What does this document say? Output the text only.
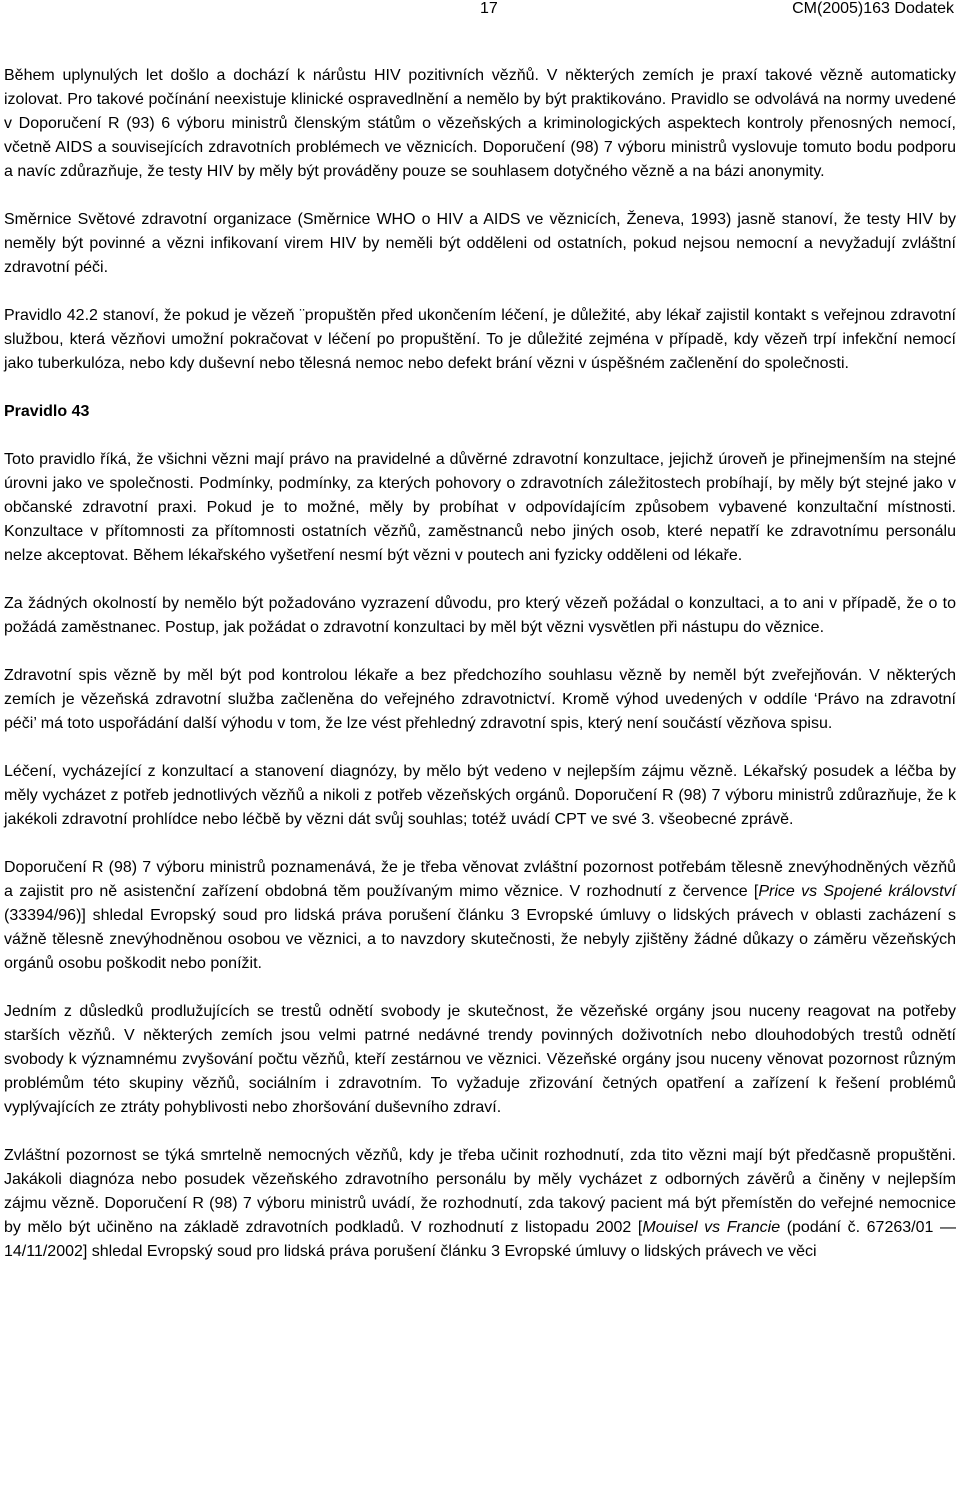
17	CM(2005)163 Dodatek

Během uplynulých let došlo a dochází k nárůstu HIV pozitivních vězňů. V některých zemích je praxí takové vězně automaticky izolovat. Pro takové počínání neexistuje klinické ospravedlnění a nemělo by být praktikováno. Pravidlo se odvolává na normy uvedené v Doporučení R (93) 6 výboru ministrů členským státům o vězeňských a kriminologických aspektech kontroly přenosných nemocí, včetně AIDS a souvisejících zdravotních problémech ve věznicích. Doporučení (98) 7 výboru ministrů vyslovuje tomuto bodu podporu a navíc zdůrazňuje, že testy HIV by měly být prováděny pouze se souhlasem dotyčného vězně a na bázi anonymity.

Směrnice Světové zdravotní organizace (Směrnice WHO o HIV a AIDS ve věznicích, Ženeva, 1993) jasně stanoví, že testy HIV by neměly být povinné a vězni infikovaní virem HIV by neměli být odděleni od ostatních, pokud nejsou nemocní a nevyžadují zvláštní zdravotní péči.

Pravidlo 42.2 stanoví, že pokud je vězeň ¨propuštěn před ukončením léčení, je důležité, aby lékař zajistil kontakt s veřejnou zdravotní službou, která vězňovi umožní pokračovat v léčení po propuštění. To je důležité zejména v případě, kdy vězeň trpí infekční nemocí jako tuberkulóza, nebo kdy duševní nebo tělesná nemoc nebo defekt brání vězni v úspěšném začlenění do společnosti.

Pravidlo 43

Toto pravidlo říká, že všichni vězni mají právo na pravidelné a důvěrné zdravotní konzultace, jejichž úroveň je přinejmenším na stejné úrovni jako ve společnosti. Podmínky, podmínky, za kterých pohovory o zdravotních záležitostech probíhají, by měly být stejné jako v občanské zdravotní praxi. Pokud je to možné, měly by probíhat v odpovídajícím způsobem vybavené konzultační místnosti. Konzultace v přítomnosti za přítomnosti ostatních vězňů, zaměstnanců nebo jiných osob, které nepatří ke zdravotnímu personálu nelze akceptovat. Během lékařského vyšetření nesmí být vězni v poutech ani fyzicky odděleni od lékaře.

Za žádných okolností by nemělo být požadováno vyzrazení důvodu, pro který vězeň požádal o konzultaci, a to ani v případě, že o to požádá zaměstnanec. Postup, jak požádat o zdravotní konzultaci by měl být vězni vysvětlen při nástupu do věznice.

Zdravotní spis vězně by měl být pod kontrolou lékaře a bez předchozího souhlasu vězně by neměl být zveřejňován. V některých zemích je vězeňská zdravotní služba začleněna do veřejného zdravotnictví. Kromě výhod uvedených v oddíle ‘Právo na zdravotní péči’ má toto uspořádání další výhodu v tom, že lze vést přehledný zdravotní spis, který není součástí vězňova spisu.

Léčení, vycházející z konzultací a stanovení diagnózy, by mělo být vedeno v nejlepším zájmu vězně. Lékařský posudek a léčba by měly vycházet z potřeb jednotlivých vězňů a nikoli z potřeb vězeňských orgánů. Doporučení R (98) 7 výboru ministrů zdůrazňuje, že k jakékoli zdravotní prohlídce nebo léčbě by vězni dát svůj souhlas; totéž uvádí CPT ve své 3. všeobecné zprávě.

Doporučení R (98) 7 výboru ministrů poznamenává, že je třeba věnovat zvláštní pozornost potřebám tělesně znevýhodněných vězňů a zajistit pro ně asistenční zařízení obdobná těm používaným mimo věznice. V rozhodnutí z července [Price vs Spojené království (33394/96)] shledal Evropský soud pro lidská práva porušení článku 3 Evropské úmluvy o lidských právech v oblasti zacházení s vážně tělesně znevýhodněnou osobou ve věznici, a to navzdory skutečnosti, že nebyly zjištěny žádné důkazy o záměru vězeňských orgánů osobu poškodit nebo ponížit.

Jedním z důsledků prodlužujících se trestů odnětí svobody je skutečnost, že vězeňské orgány jsou nuceny reagovat na potřeby starších vězňů. V některých zemích jsou velmi patrné nedávné trendy povinných doživotních nebo dlouhodobých trestů odnětí svobody k významnému zvyšování počtu vězňů, kteří zestárnou ve věznici. Vězeňské orgány jsou nuceny věnovat pozornost různým problémům této skupiny vězňů, sociálním i zdravotním. To vyžaduje zřizování četných opatření a zařízení k řešení problémů vyplývajících ze ztráty pohyblivosti nebo zhoršování duševního zdraví.

Zvláštní pozornost se týká smrtelně nemocných vězňů, kdy je třeba učinit rozhodnutí, zda tito vězni mají být předčasně propuštěni. Jakákoli diagnóza nebo posudek vězeňského zdravotního personálu by měly vycházet z odborných závěrů a činěny v nejlepším zájmu vězně. Doporučení R (98) 7 výboru ministrů uvádí, že rozhodnutí, zda takový pacient má být přemístěn do veřejné nemocnice by mělo být učiněno na základě zdravotních podkladů. V rozhodnutí z listopadu 2002 [Mouisel vs Francie (podání č. 67263/01 — 14/11/2002] shledal Evropský soud pro lidská práva porušení článku 3 Evropské úmluvy o lidských právech ve věci
